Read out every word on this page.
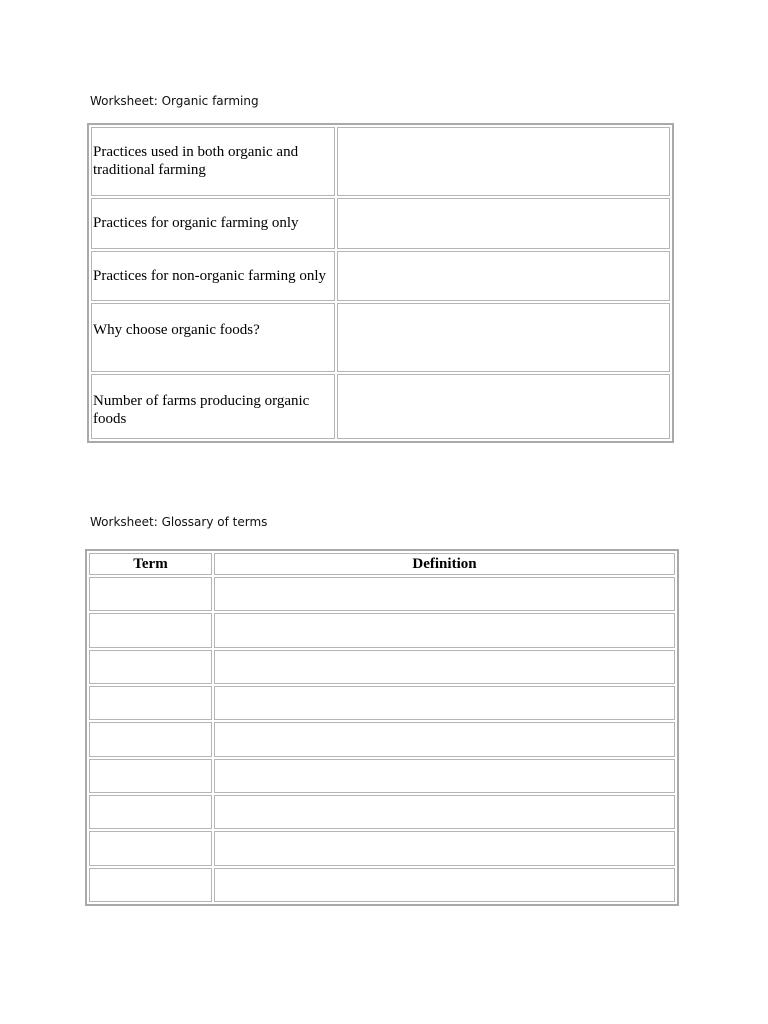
Worksheet: Organic farming
Practices used in both organic and traditional farming	
Practices for organic farming only	
Practices for non-organic farming only	
Why choose organic foods?	
Number of farms producing organic foods	
Worksheet: Glossary of terms
Term	Definition
